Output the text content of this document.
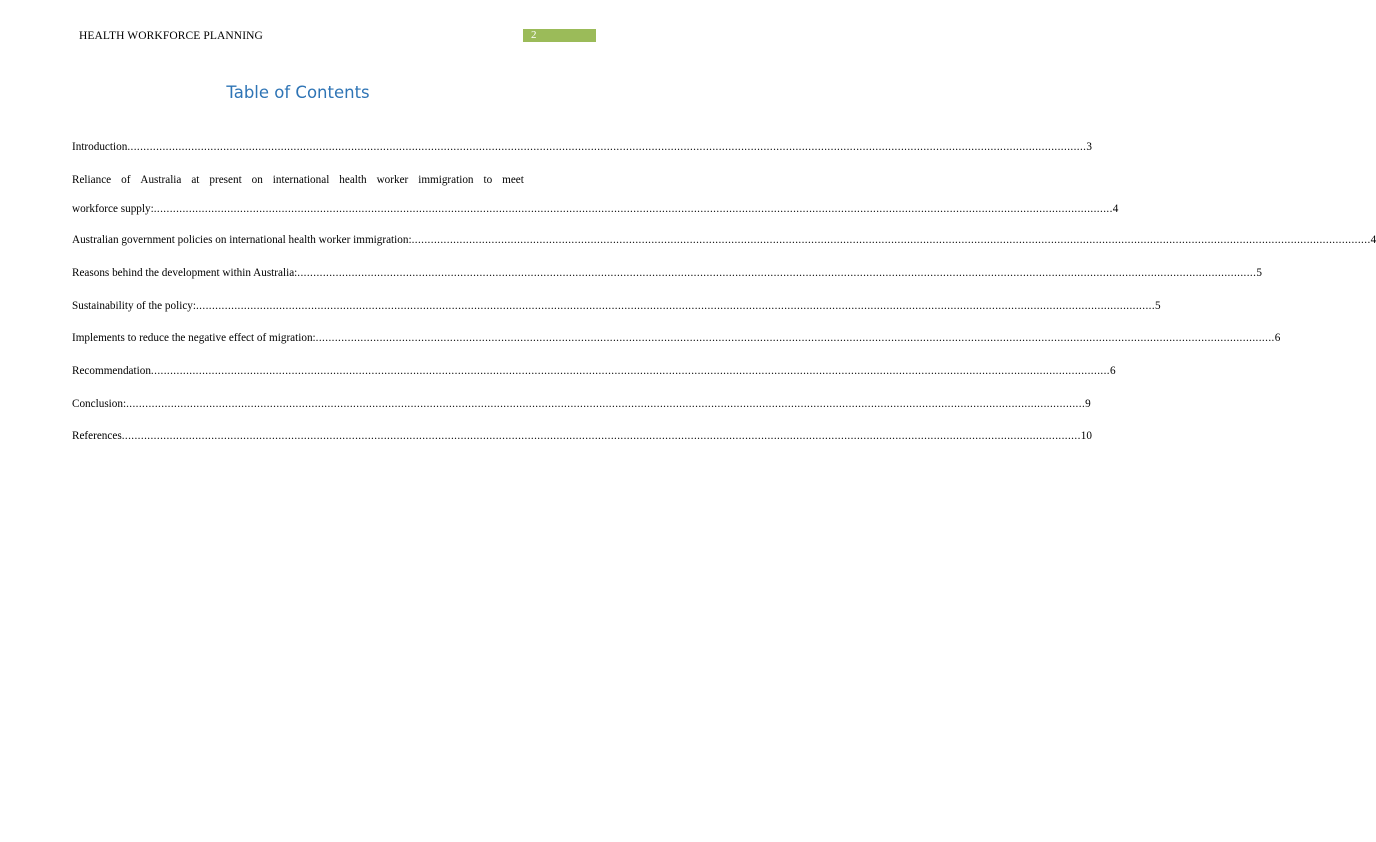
HEALTH WORKFORCE PLANNING	2
Table of Contents
Introduction ............................................................................................................................................................................................................................................................................................................ 3
Reliance of Australia at present on international health worker immigration to meet
workforce supply: ............................................................................................................................................................................................................................................................................................................ 4
Australian government policies on international health worker immigration: ............................................................................................................................................................................................................................................................................................................ 4
Reasons behind the development within Australia: ............................................................................................................................................................................................................................................................................................................ 5
Sustainability of the policy: ............................................................................................................................................................................................................................................................................................................ 5
Implements to reduce the negative effect of migration: ............................................................................................................................................................................................................................................................................................................ 6
Recommendation ............................................................................................................................................................................................................................................................................................................ 6
Conclusion: ............................................................................................................................................................................................................................................................................................................ 9
References ............................................................................................................................................................................................................................................................................................................ 10
